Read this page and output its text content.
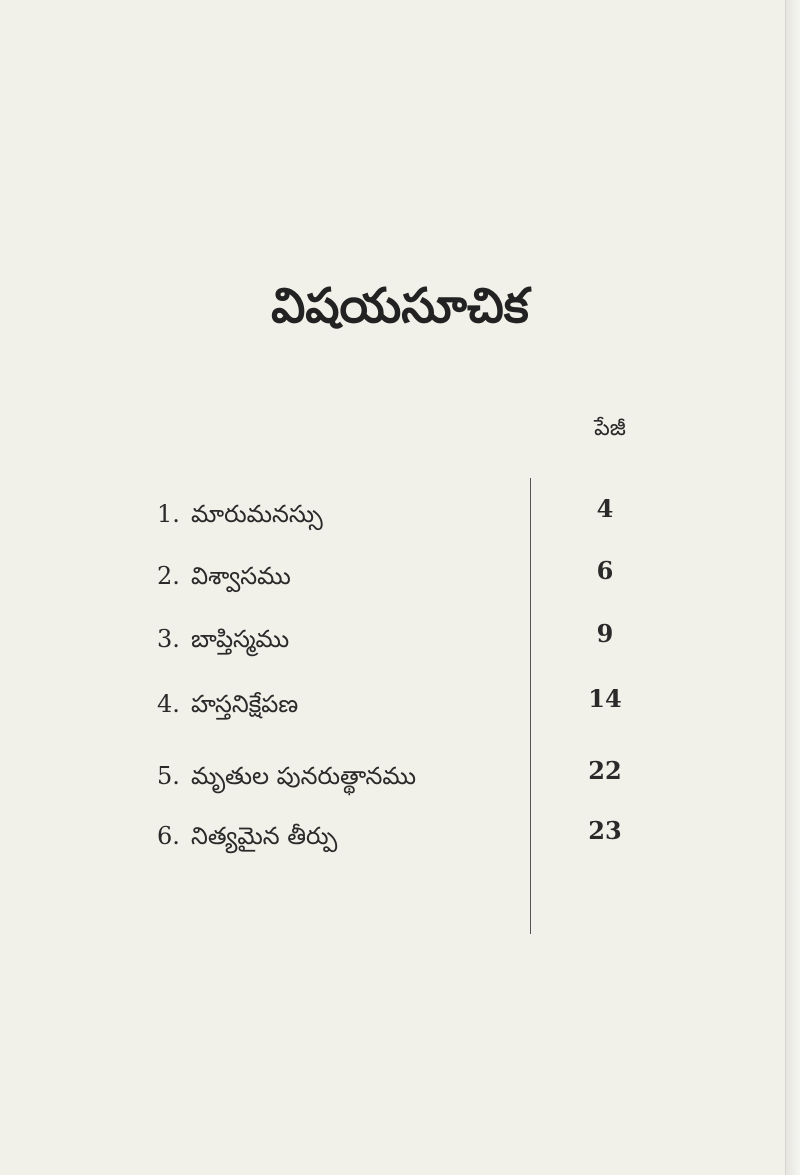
విషయసూచిక
పేజీ
1. మారుమనస్సు	4
2. విశ్వాసము	6
3. బాప్తిస్మము	9
4. హస్తనిక్షేపణ	14
5. మృతుల పునరుత్థానము	22
6. నిత్యమైన తీర్పు	23
